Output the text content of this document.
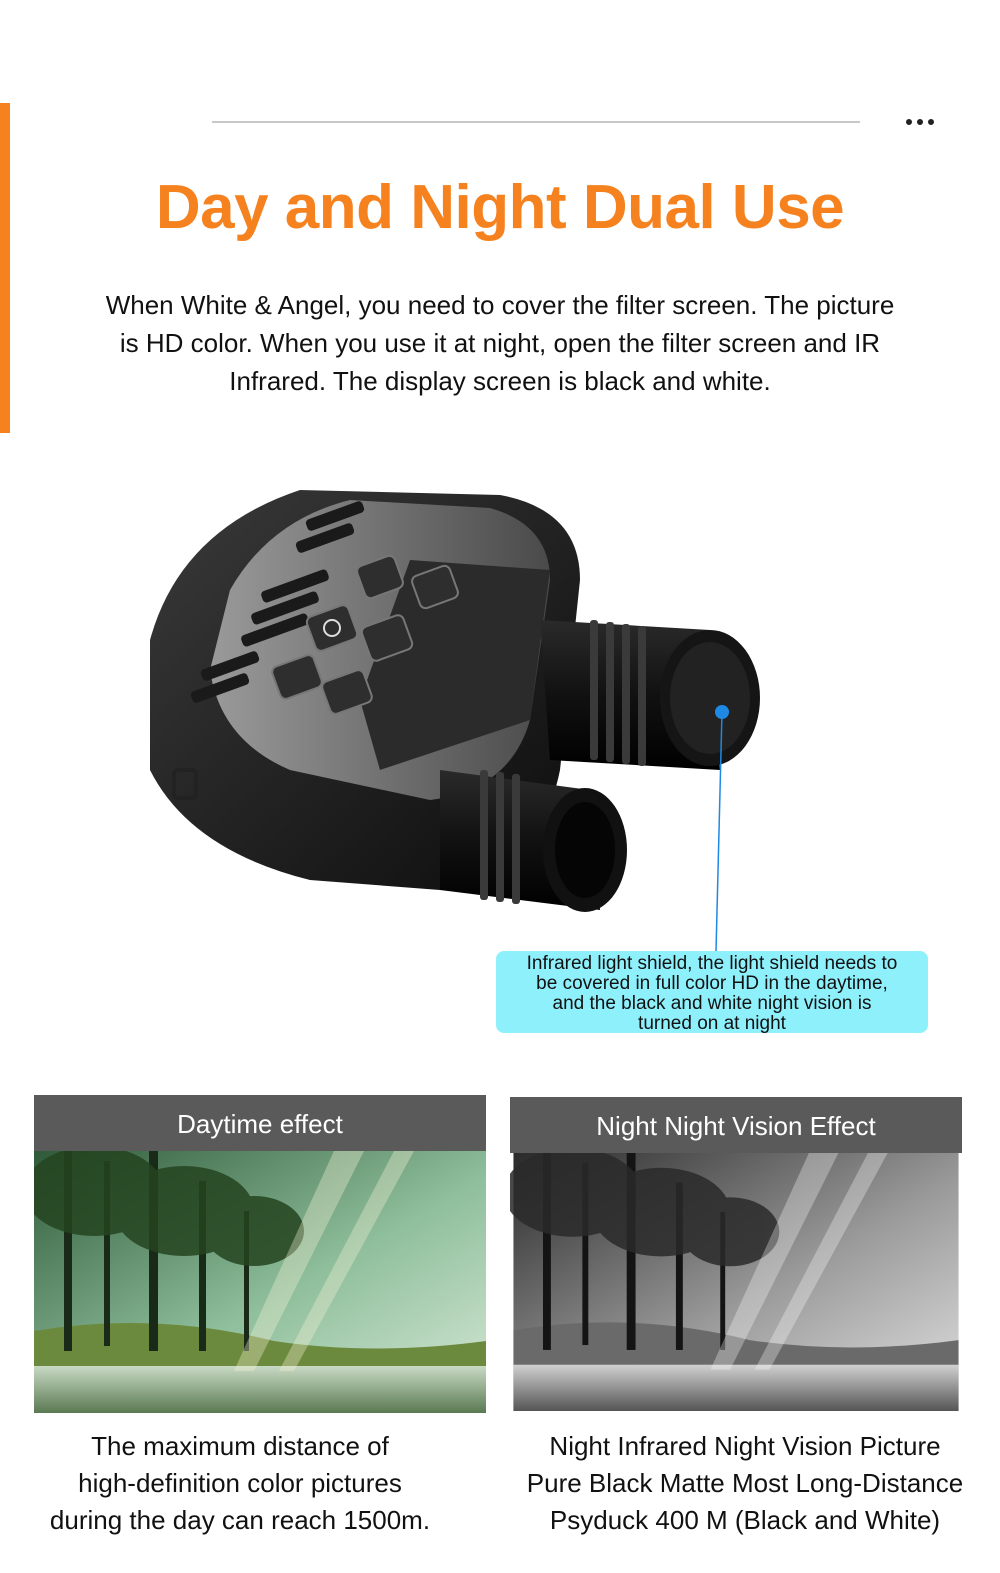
Day and Night Dual Use
When White & Angel, you need to cover the filter screen. The picture
is HD color. When you use it at night, open the filter screen and IR
Infrared. The display screen is black and white.
Infrared light shield, the light shield needs to
be covered in full color HD in the daytime,
and the black and white night vision is
turned on at night
Daytime effect	Night Night Vision Effect
The maximum distance of
high-definition color pictures
during the day can reach 1500m.
Night Infrared Night Vision Picture
Pure Black Matte Most Long-Distance
Psyduck 400 M (Black and White)
